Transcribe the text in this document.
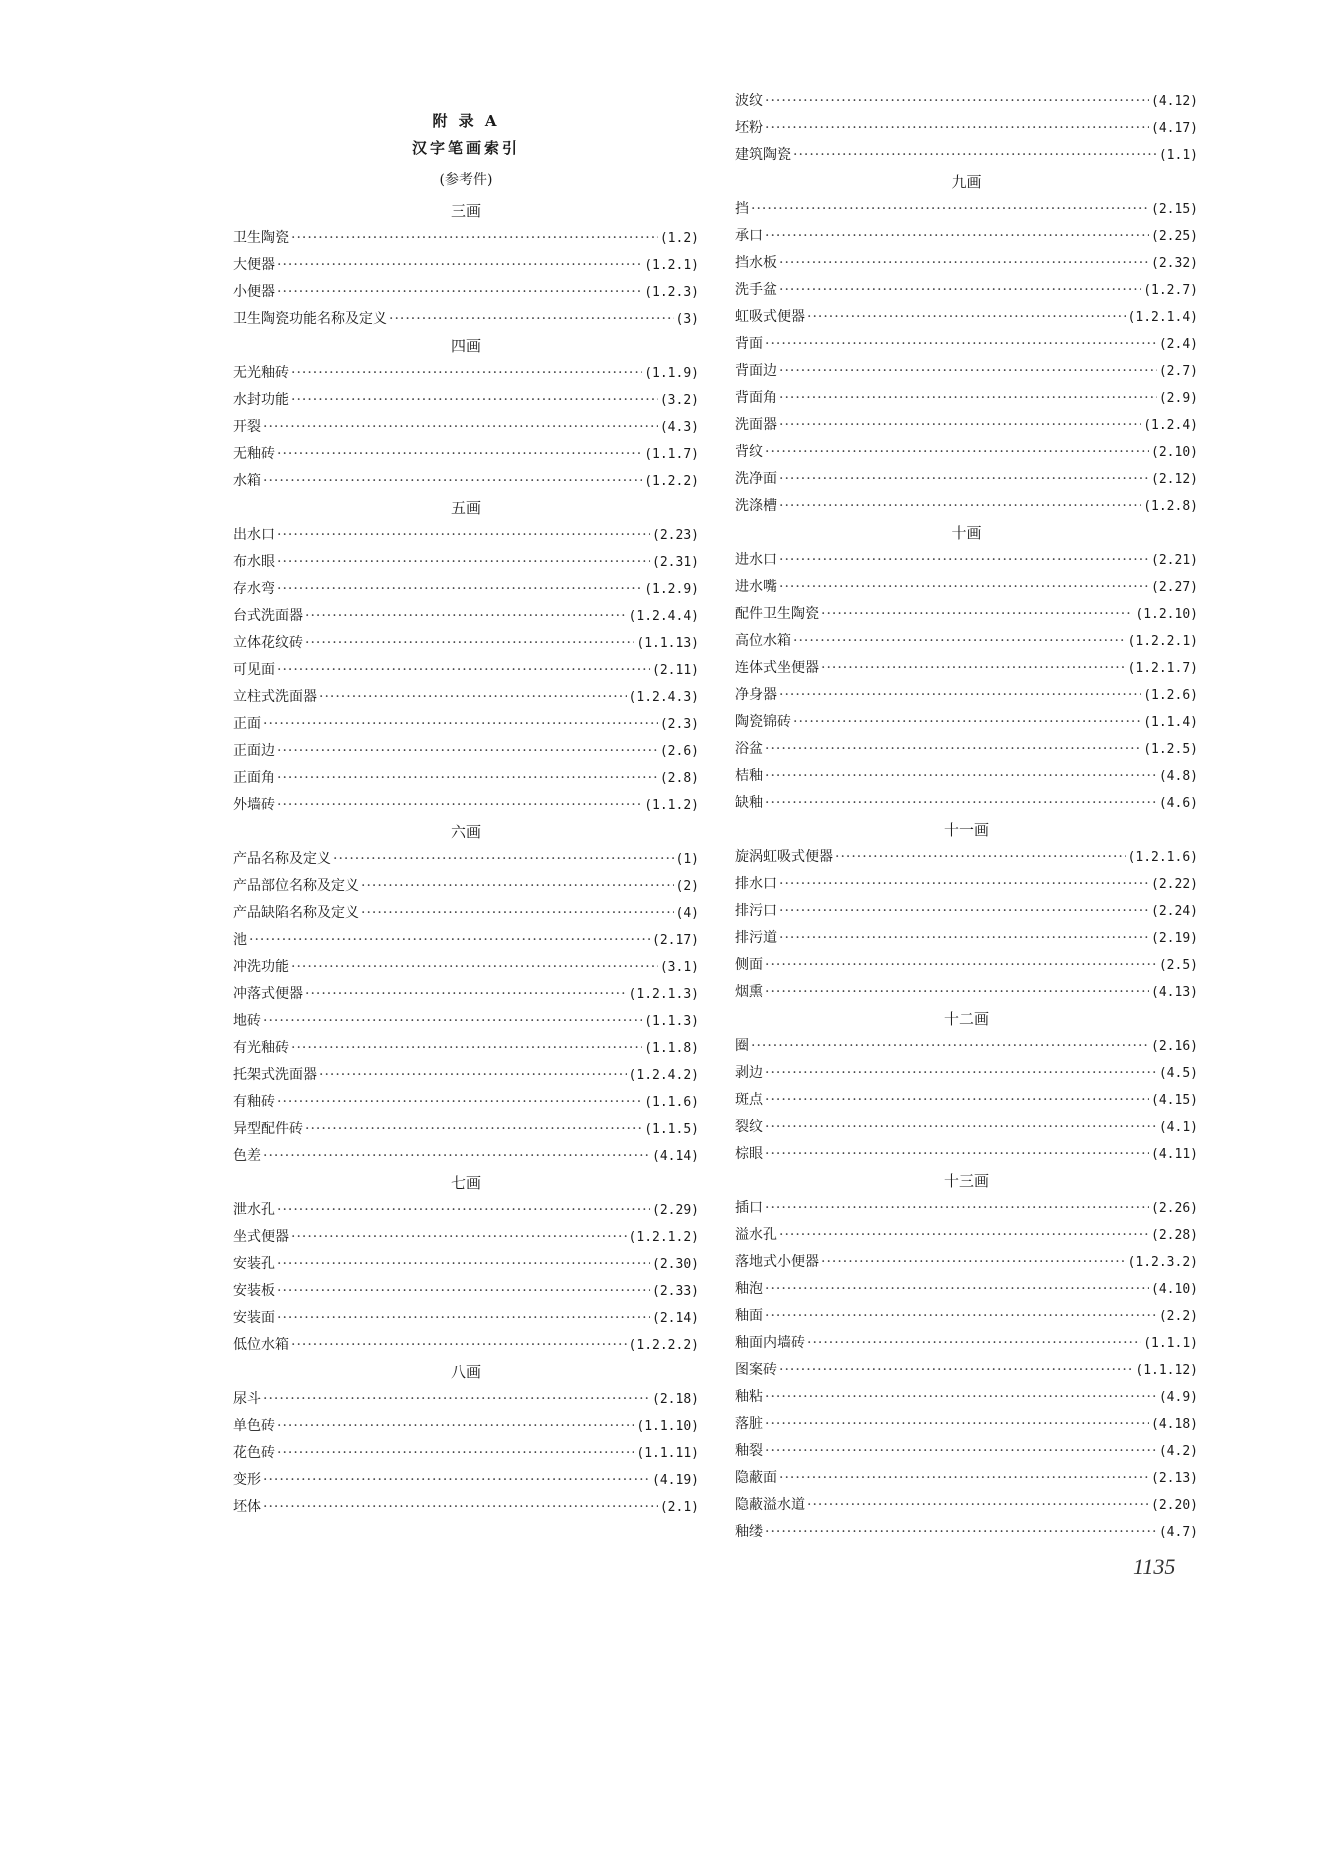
附 录 A
汉字笔画索引
(参考件)
三画
卫生陶瓷 ·····	(1.2)
大便器 ·····	(1.2.1)
小便器 ·····	(1.2.3)
卫生陶瓷功能名称及定义 ·····	(3)
四画
无光釉砖 ·····	(1.1.9)
水封功能 ·····	(3.2)
开裂 ·····	(4.3)
无釉砖 ·····	(1.1.7)
水箱 ·····	(1.2.2)
五画
出水口 ·····	(2.23)
布水眼 ·····	(2.31)
存水弯 ·····	(1.2.9)
台式洗面器 ·····	(1.2.4.4)
立体花纹砖 ·····	(1.1.13)
可见面 ·····	(2.11)
立柱式洗面器 ·····	(1.2.4.3)
正面 ·····	(2.3)
正面边 ·····	(2.6)
正面角 ·····	(2.8)
外墙砖 ·····	(1.1.2)
六画
产品名称及定义 ·····	(1)
产品部位名称及定义 ·····	(2)
产品缺陷名称及定义 ·····	(4)
池 ·····	(2.17)
冲洗功能 ·····	(3.1)
冲落式便器 ·····	(1.2.1.3)
地砖 ·····	(1.1.3)
有光釉砖 ·····	(1.1.8)
托架式洗面器 ·····	(1.2.4.2)
有釉砖 ·····	(1.1.6)
异型配件砖 ·····	(1.1.5)
色差 ·····	(4.14)
七画
泄水孔 ·····	(2.29)
坐式便器 ·····	(1.2.1.2)
安装孔 ·····	(2.30)
安装板 ·····	(2.33)
安装面 ·····	(2.14)
低位水箱 ·····	(1.2.2.2)
八画
尿斗 ·····	(2.18)
单色砖 ·····	(1.1.10)
花色砖 ·····	(1.1.11)
变形 ·····	(4.19)
坯体 ·····	(2.1)
波纹 ·····	(4.12)
坯粉 ·····	(4.17)
建筑陶瓷 ·····	(1.1)
九画
挡 ·····	(2.15)
承口 ·····	(2.25)
挡水板 ·····	(2.32)
洗手盆 ·····	(1.2.7)
虹吸式便器 ·····	(1.2.1.4)
背面 ·····	(2.4)
背面边 ·····	(2.7)
背面角 ·····	(2.9)
洗面器 ·····	(1.2.4)
背纹 ·····	(2.10)
洗净面 ·····	(2.12)
洗涤槽 ·····	(1.2.8)
十画
进水口 ·····	(2.21)
进水嘴 ·····	(2.27)
配件卫生陶瓷 ·····	(1.2.10)
高位水箱 ·····	(1.2.2.1)
连体式坐便器 ·····	(1.2.1.7)
净身器 ·····	(1.2.6)
陶瓷锦砖 ·····	(1.1.4)
浴盆 ·····	(1.2.5)
桔釉 ·····	(4.8)
缺釉 ·····	(4.6)
十一画
旋涡虹吸式便器 ·····	(1.2.1.6)
排水口 ·····	(2.22)
排污口 ·····	(2.24)
排污道 ·····	(2.19)
侧面 ·····	(2.5)
烟熏 ·····	(4.13)
十二画
圈 ·····	(2.16)
剥边 ·····	(4.5)
斑点 ·····	(4.15)
裂纹 ·····	(4.1)
棕眼 ·····	(4.11)
十三画
插口 ·····	(2.26)
溢水孔 ·····	(2.28)
落地式小便器 ·····	(1.2.3.2)
釉泡 ·····	(4.10)
釉面 ·····	(2.2)
釉面内墙砖 ·····	(1.1.1)
图案砖 ·····	(1.1.12)
釉粘 ·····	(4.9)
落脏 ·····	(4.18)
釉裂 ·····	(4.2)
隐蔽面 ·····	(2.13)
隐蔽溢水道 ·····	(2.20)
釉缕 ·····	(4.7)
1135
